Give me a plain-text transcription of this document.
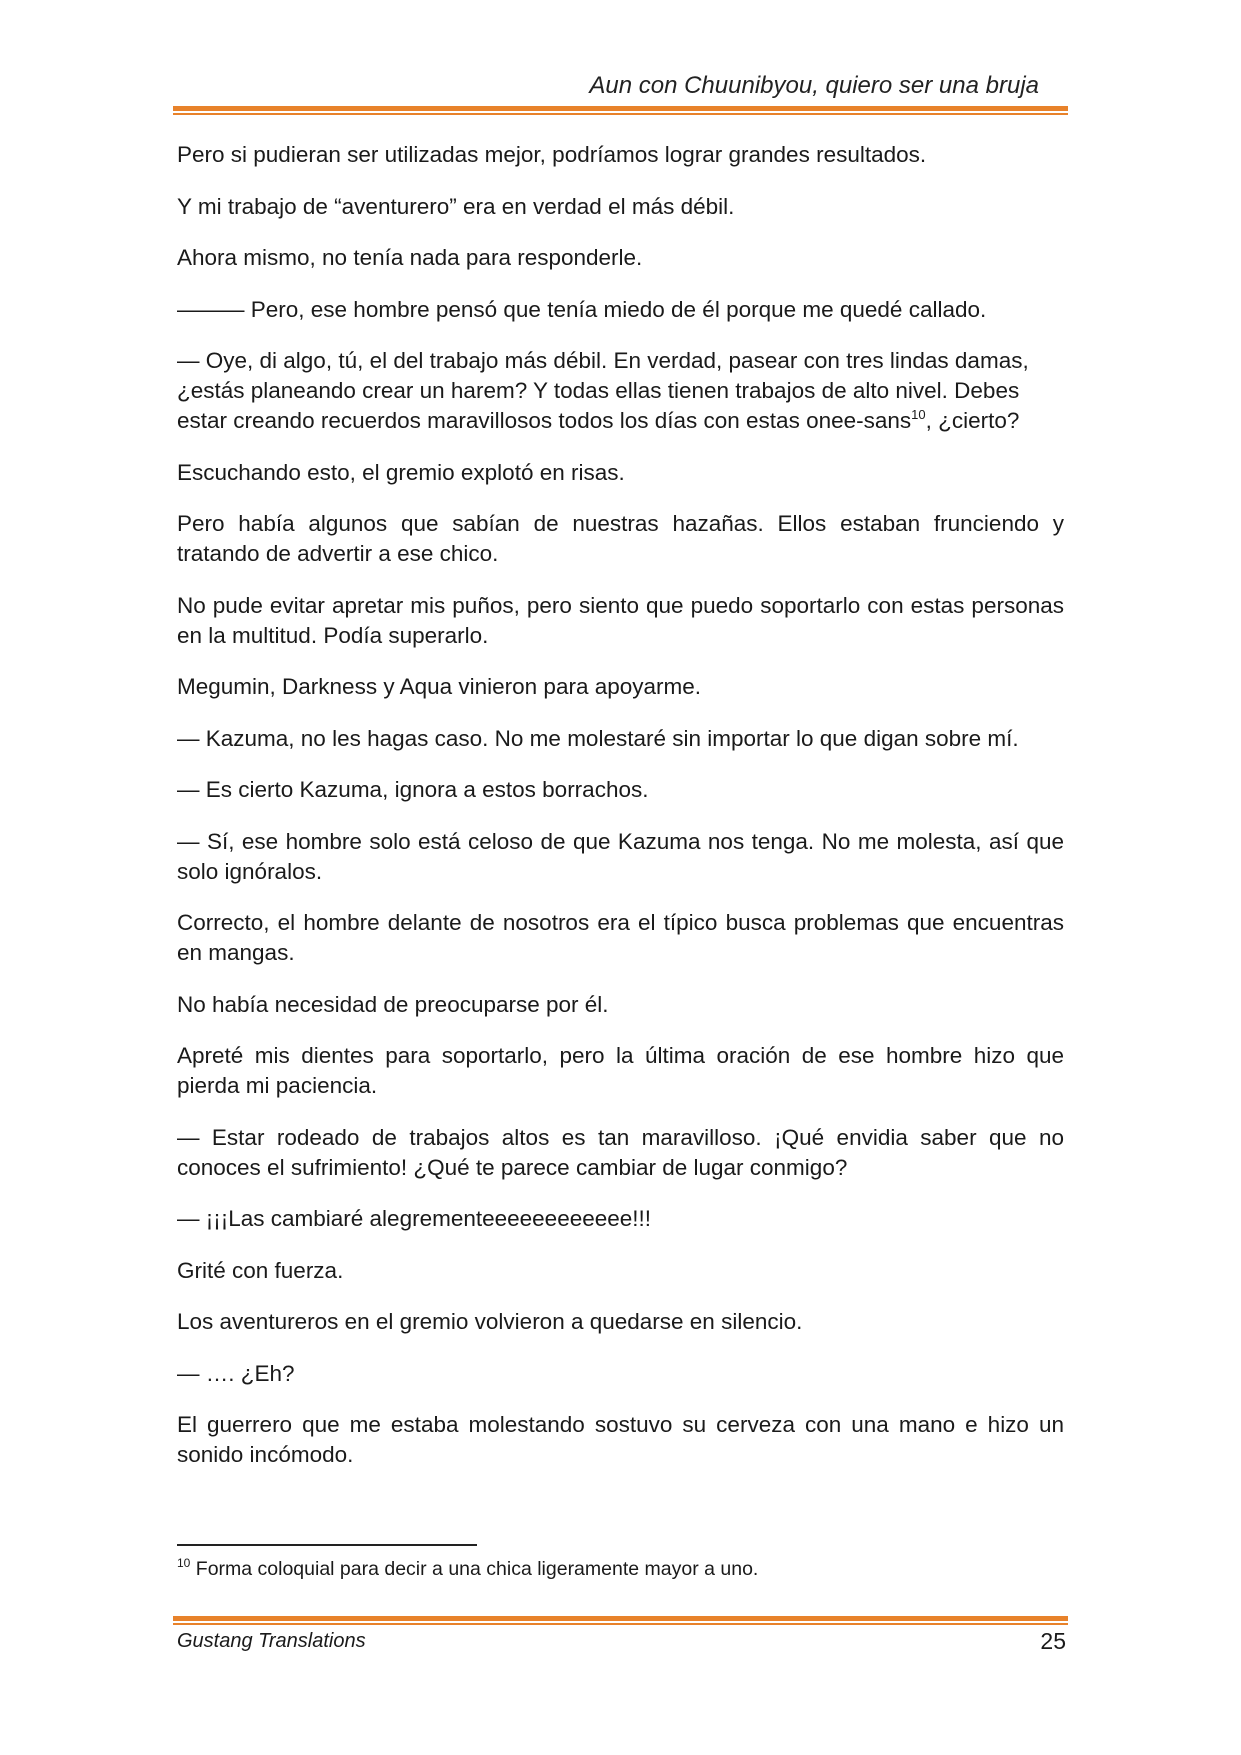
Aun con Chuunibyou, quiero ser una bruja

Pero si pudieran ser utilizadas mejor, podríamos lograr grandes resultados.

Y mi trabajo de “aventurero” era en verdad el más débil.

Ahora mismo, no tenía nada para responderle.

——— Pero, ese hombre pensó que tenía miedo de él porque me quedé callado.

— Oye, di algo, tú, el del trabajo más débil. En verdad, pasear con tres lindas damas, ¿estás planeando crear un harem? Y todas ellas tienen trabajos de alto nivel. Debes estar creando recuerdos maravillosos todos los días con estas onee-sans$^{10}$, ¿cierto?

Escuchando esto, el gremio explotó en risas.

Pero había algunos que sabían de nuestras hazañas. Ellos estaban frunciendo y tratando de advertir a ese chico.

No pude evitar apretar mis puños, pero siento que puedo soportarlo con estas personas en la multitud. Podía superarlo.

Megumin, Darkness y Aqua vinieron para apoyarme.

— Kazuma, no les hagas caso. No me molestaré sin importar lo que digan sobre mí.

— Es cierto Kazuma, ignora a estos borrachos.

— Sí, ese hombre solo está celoso de que Kazuma nos tenga. No me molesta, así que solo ignóralos.

Correcto, el hombre delante de nosotros era el típico busca problemas que encuentras en mangas.

No había necesidad de preocuparse por él.

Apreté mis dientes para soportarlo, pero la última oración de ese hombre hizo que pierda mi paciencia.

— Estar rodeado de trabajos altos es tan maravilloso. ¡Qué envidia saber que no conoces el sufrimiento! ¿Qué te parece cambiar de lugar conmigo?

— ¡¡¡Las cambiaré alegrementeeeeeeeeeeee!!!

Grité con fuerza.

Los aventureros en el gremio volvieron a quedarse en silencio.

— …. ¿Eh?

El guerrero que me estaba molestando sostuvo su cerveza con una mano e hizo un sonido incómodo.

$^{10}$ Forma coloquial para decir a una chica ligeramente mayor a uno.
Gustang Translations	25
